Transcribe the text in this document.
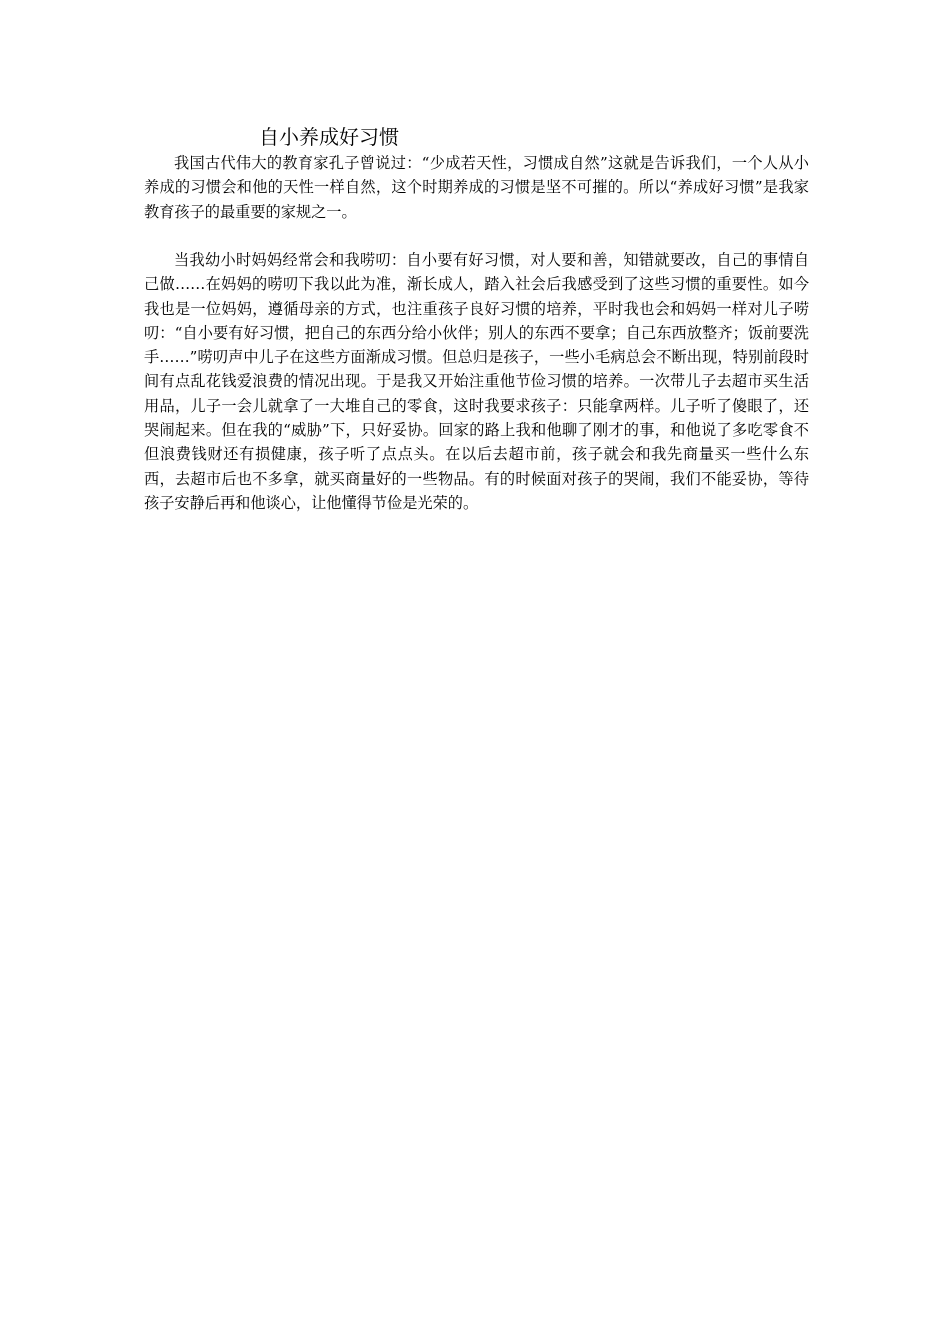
自小养成好习惯

我国古代伟大的教育家孔子曾说过：“少成若天性，习惯成自然”这就是告诉我们，一个人从小养成的习惯会和他的天性一样自然，这个时期养成的习惯是坚不可摧的。所以“养成好习惯”是我家教育孩子的最重要的家规之一。

当我幼小时妈妈经常会和我唠叨：自小要有好习惯，对人要和善，知错就要改，自己的事情自己做……在妈妈的唠叨下我以此为准，渐长成人，踏入社会后我感受到了这些习惯的重要性。如今我也是一位妈妈，遵循母亲的方式，也注重孩子良好习惯的培养，平时我也会和妈妈一样对儿子唠叨：“自小要有好习惯，把自己的东西分给小伙伴；别人的东西不要拿；自己东西放整齐；饭前要洗手……”唠叨声中儿子在这些方面渐成习惯。但总归是孩子，一些小毛病总会不断出现，特别前段时间有点乱花钱爱浪费的情况出现。于是我又开始注重他节俭习惯的培养。一次带儿子去超市买生活用品，儿子一会儿就拿了一大堆自己的零食，这时我要求孩子：只能拿两样。儿子听了傻眼了，还哭闹起来。但在我的“威胁”下，只好妥协。回家的路上我和他聊了刚才的事，和他说了多吃零食不但浪费钱财还有损健康，孩子听了点点头。在以后去超市前，孩子就会和我先商量买一些什么东西，去超市后也不多拿，就买商量好的一些物品。有的时候面对孩子的哭闹，我们不能妥协，等待孩子安静后再和他谈心，让他懂得节俭是光荣的。
